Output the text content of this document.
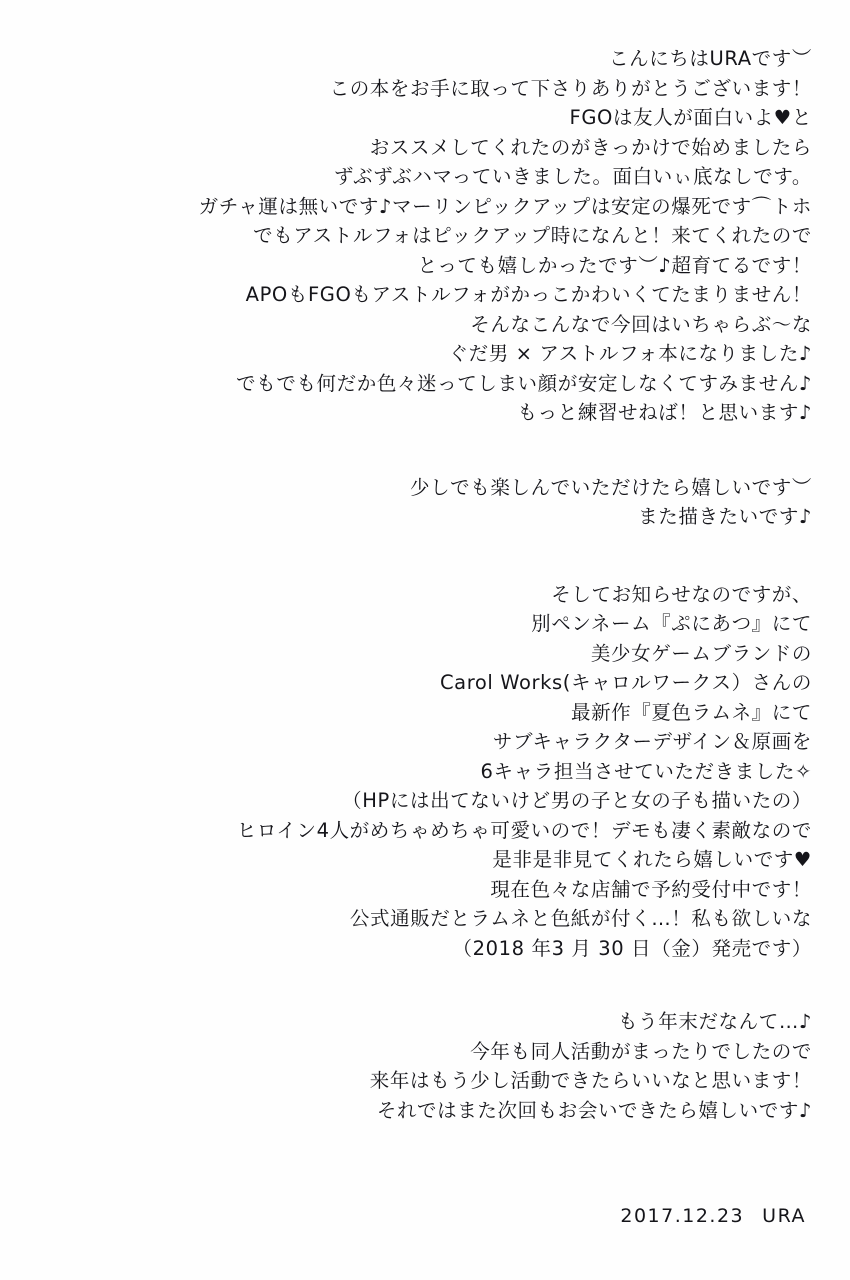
こんにちはURAです︶
この本をお手に取って下さりありがとうございます！
FGOは友人が面白いよ♥と
おススメしてくれたのがきっかけで始めましたら
ずぶずぶハマっていきました。面白いぃ底なしです。
ガチャ運は無いです♪マーリンピックアップは安定の爆死です⌒トホ
でもアストルフォはピックアップ時になんと！来てくれたので
とっても嬉しかったです︶♪超育てるです！
APOもFGOもアストルフォがかっこかわいくてたまりません！
そんなこんなで今回はいちゃらぶ〜な
ぐだ男 × アストルフォ本になりました♪
でもでも何だか色々迷ってしまい顔が安定しなくてすみません♪
もっと練習せねば！と思います♪

少しでも楽しんでいただけたら嬉しいです︶
また描きたいです♪

そしてお知らせなのですが、
別ペンネーム『ぷにあつ』にて
美少女ゲームブランドの
Carol Works(キャロルワークス）さんの
最新作『夏色ラムネ』にて
サブキャラクターデザイン＆原画を
6キャラ担当させていただきました✧
（HPには出てないけど男の子と女の子も描いたの）
ヒロイン4人がめちゃめちゃ可愛いので！デモも凄く素敵なので
是非是非見てくれたら嬉しいです♥
現在色々な店舗で予約受付中です！
公式通販だとラムネと色紙が付く…！私も欲しいな
（2018 年3 月 30 日（金）発売です）

もう年末だなんて…♪
今年も同人活動がまったりでしたので
来年はもう少し活動できたらいいなと思います！
それではまた次回もお会いできたら嬉しいです♪

2017.12.23 URA
